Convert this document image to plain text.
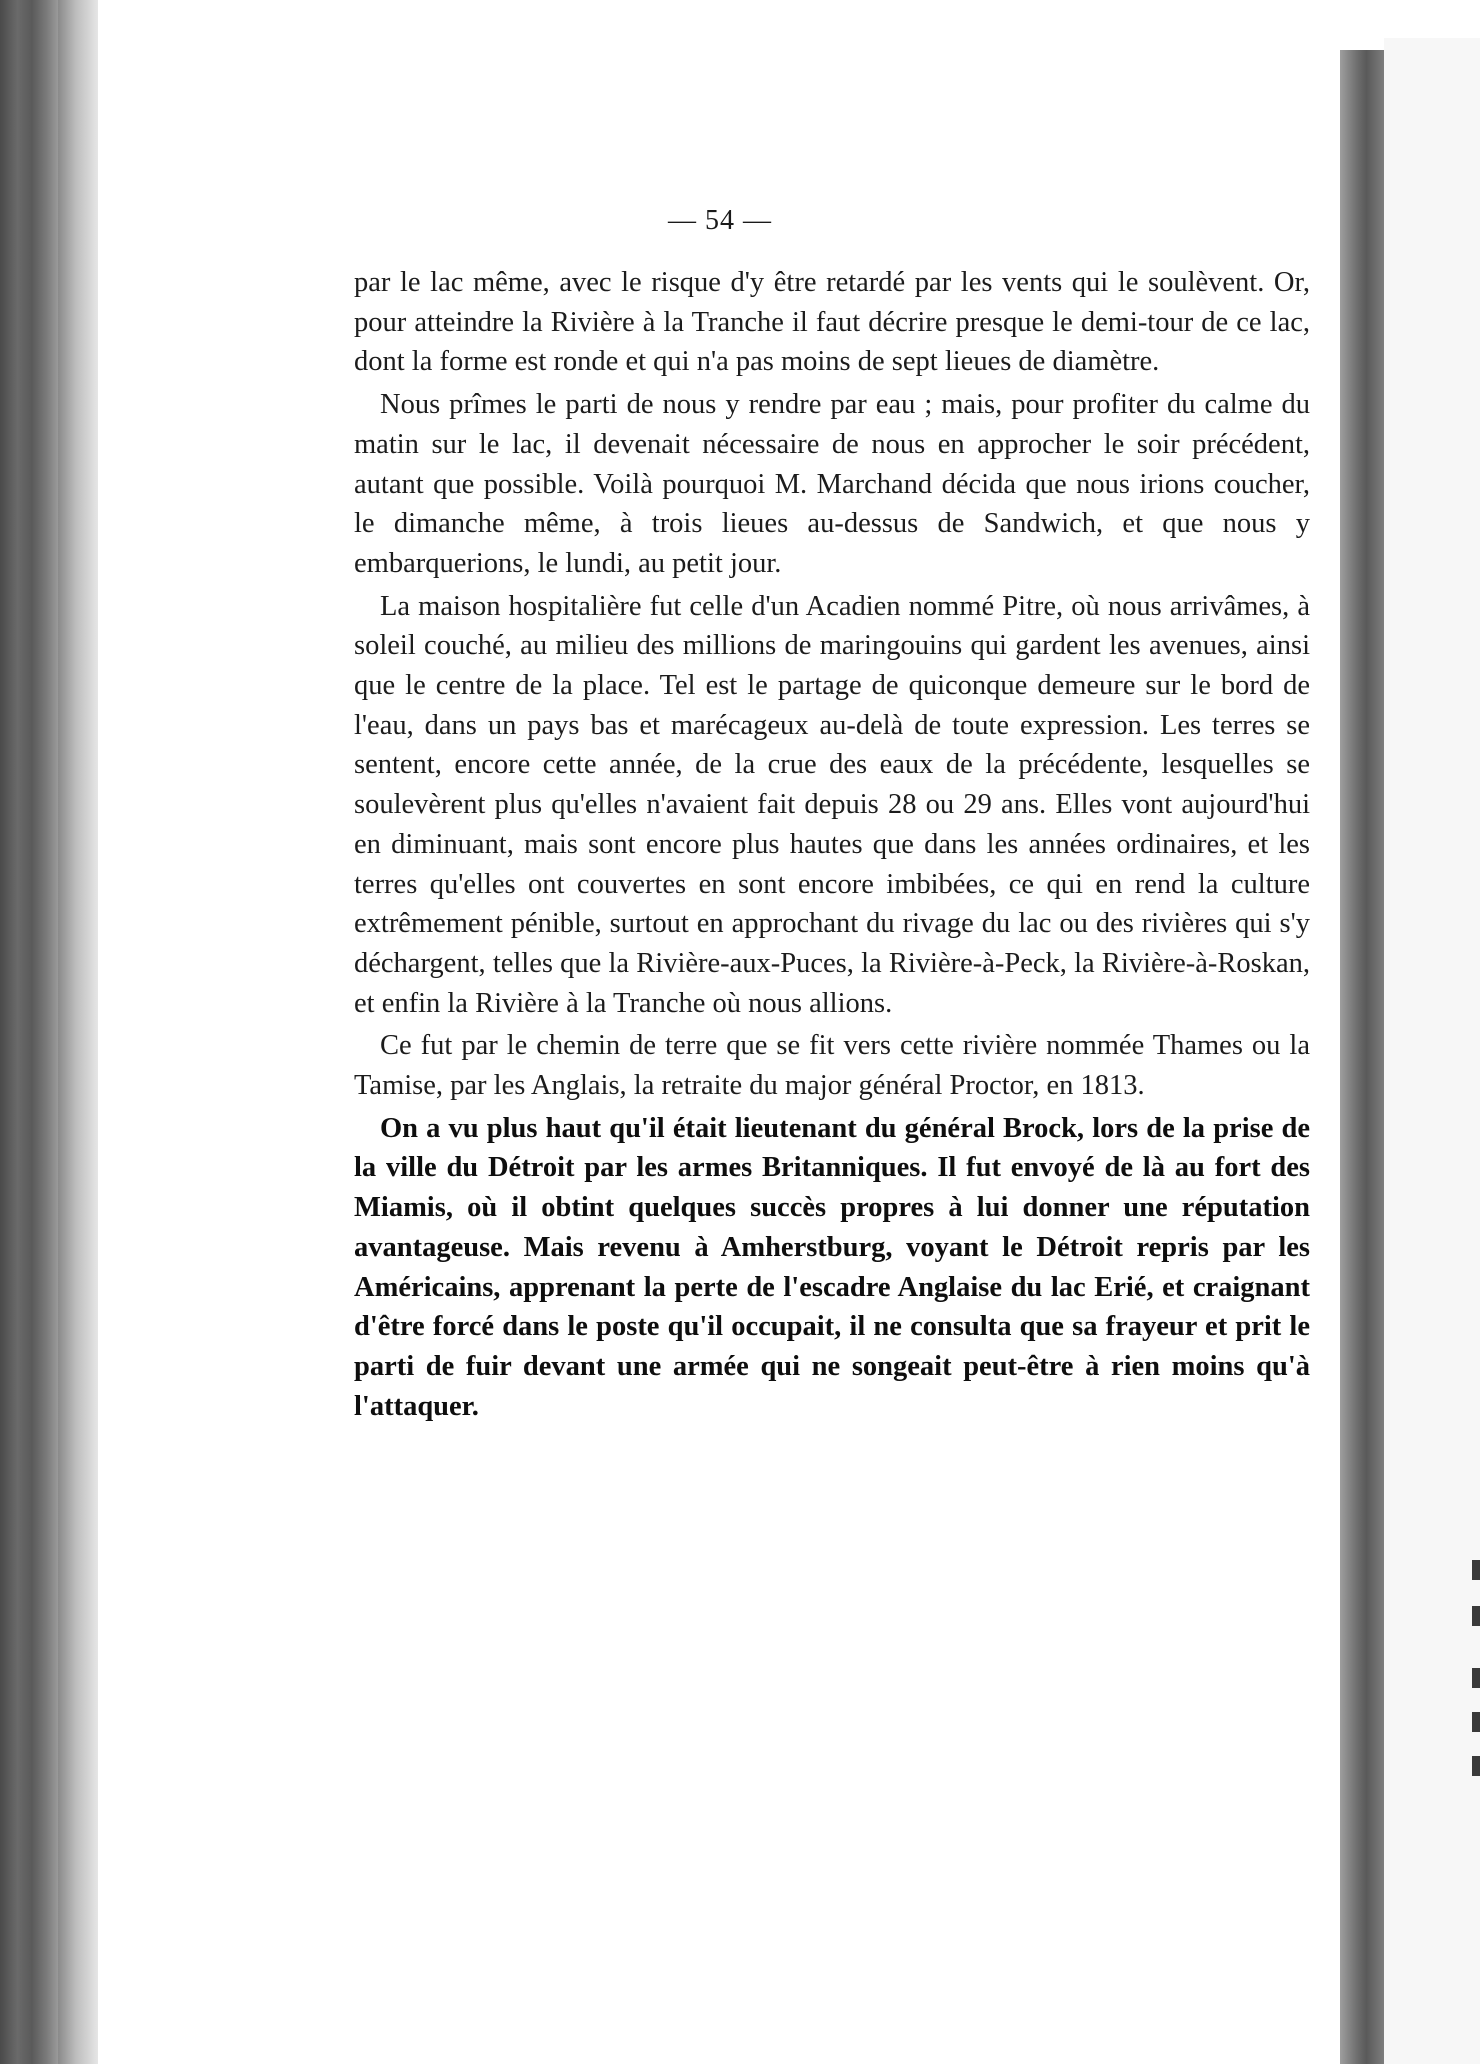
— 54 —

par le lac même, avec le risque d'y être retardé par les vents qui le soulèvent. Or, pour atteindre la Rivière à la Tranche il faut décrire presque le demi-tour de ce lac, dont la forme est ronde et qui n'a pas moins de sept lieues de diamètre.

Nous prîmes le parti de nous y rendre par eau ; mais, pour profiter du calme du matin sur le lac, il devenait nécessaire de nous en approcher le soir précédent, autant que possible. Voilà pourquoi M. Marchand décida que nous irions coucher, le dimanche même, à trois lieues au-dessus de Sandwich, et que nous y embarquerions, le lundi, au petit jour.

La maison hospitalière fut celle d'un Acadien nommé Pitre, où nous arrivâmes, à soleil couché, au milieu des millions de maringouins qui gardent les avenues, ainsi que le centre de la place. Tel est le partage de quiconque demeure sur le bord de l'eau, dans un pays bas et marécageux au-delà de toute expression. Les terres se sentent, encore cette année, de la crue des eaux de la précédente, lesquelles se soulevèrent plus qu'elles n'avaient fait depuis 28 ou 29 ans. Elles vont aujourd'hui en diminuant, mais sont encore plus hautes que dans les années ordinaires, et les terres qu'elles ont couvertes en sont encore imbibées, ce qui en rend la culture extrêmement pénible, surtout en approchant du rivage du lac ou des rivières qui s'y déchargent, telles que la Rivière-aux-Puces, la Rivière-à-Peck, la Rivière-à-Roskan, et enfin la Rivière à la Tranche où nous allions.

Ce fut par le chemin de terre que se fit vers cette rivière nommée Thames ou la Tamise, par les Anglais, la retraite du major général Proctor, en 1813.

On a vu plus haut qu'il était lieutenant du général Brock, lors de la prise de la ville du Détroit par les armes Britanniques. Il fut envoyé de là au fort des Miamis, où il obtint quelques succès propres à lui donner une réputation avantageuse. Mais revenu à Amherstburg, voyant le Détroit repris par les Américains, apprenant la perte de l'escadre Anglaise du lac Erié, et craignant d'être forcé dans le poste qu'il occupait, il ne consulta que sa frayeur et prit le parti de fuir devant une armée qui ne songeait peut-être à rien moins qu'à l'attaquer.
